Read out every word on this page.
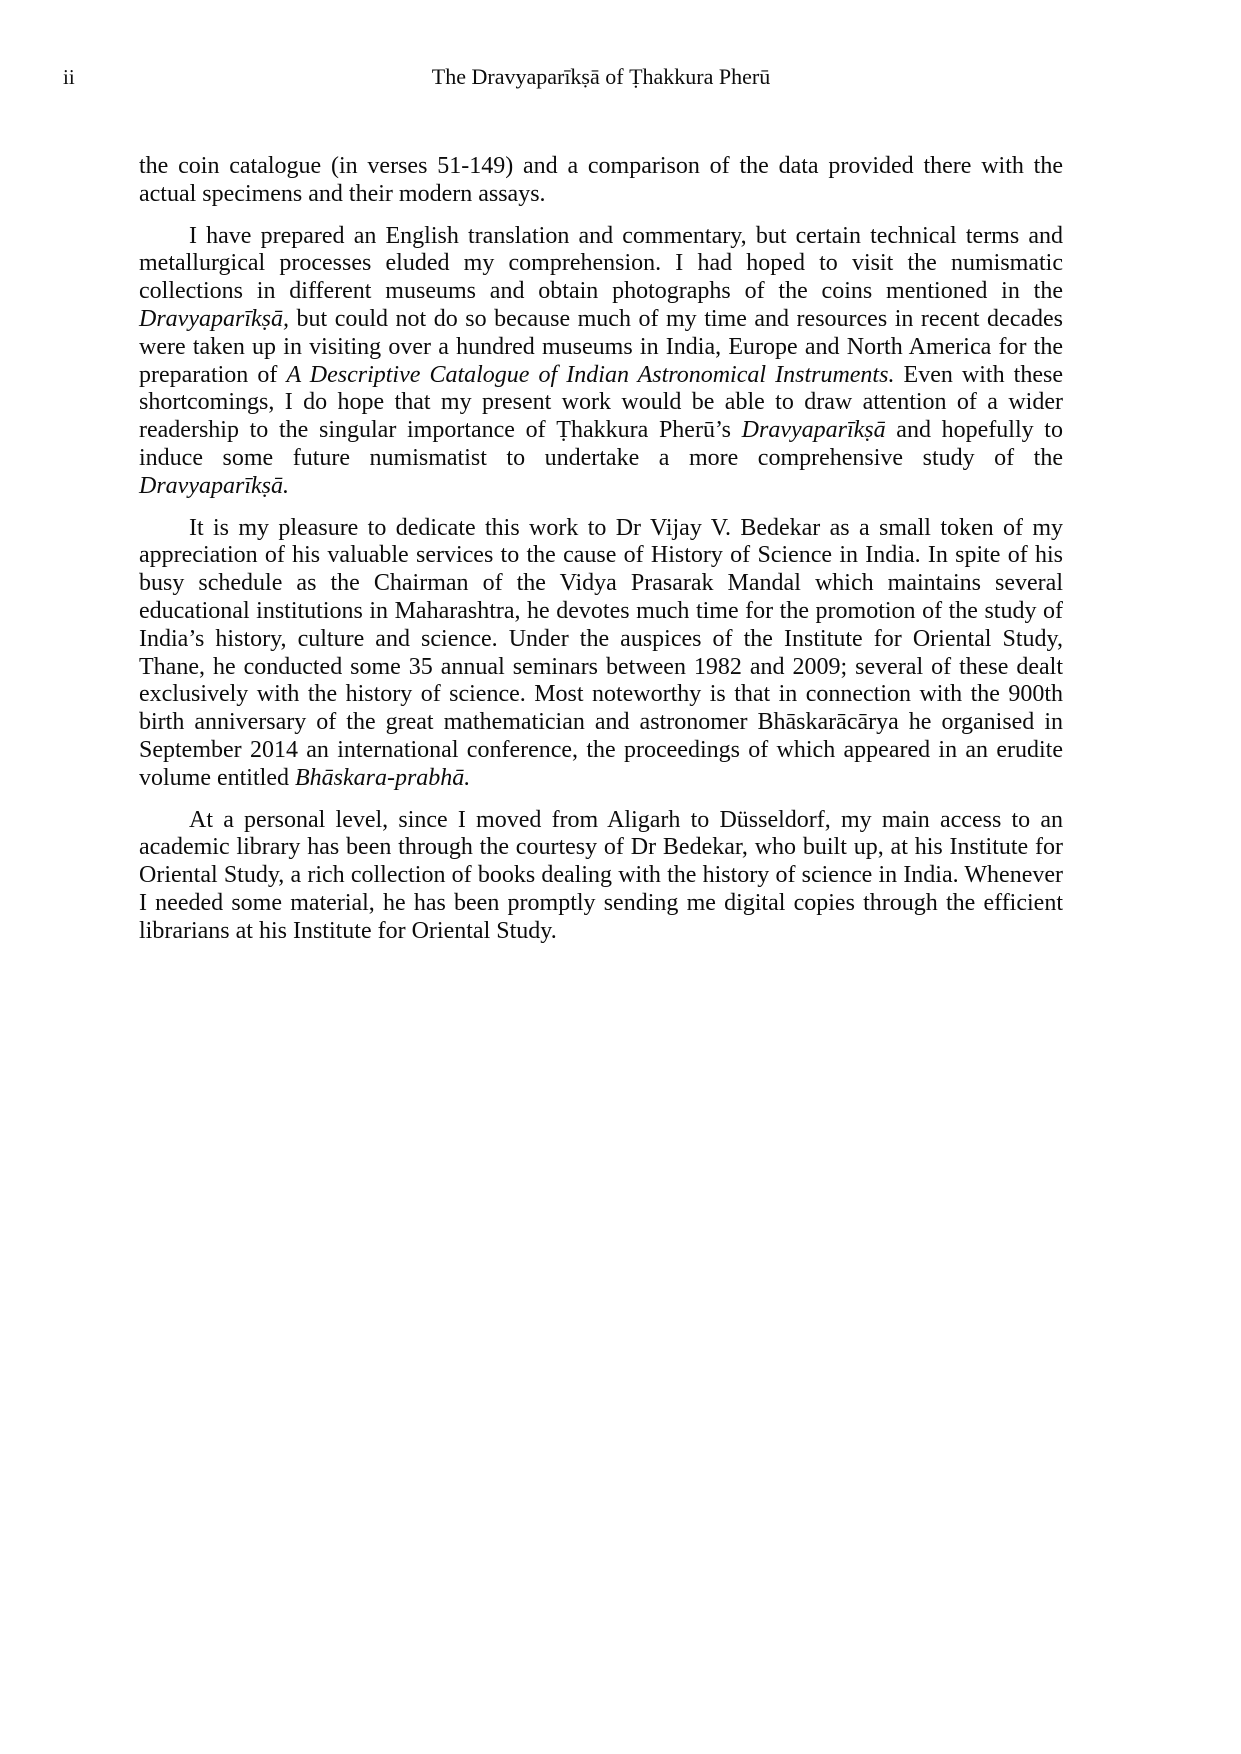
ii	The Dravyaparīkṣā of Ṭhakkura Pherū

the coin catalogue (in verses 51-149) and a comparison of the data provided there with the actual specimens and their modern assays.

I have prepared an English translation and commentary, but certain technical terms and metallurgical processes eluded my comprehension. I had hoped to visit the numismatic collections in different museums and obtain photographs of the coins mentioned in the Dravyaparīkṣā, but could not do so because much of my time and resources in recent decades were taken up in visiting over a hundred museums in India, Europe and North America for the preparation of A Descriptive Catalogue of Indian Astronomical Instruments. Even with these shortcomings, I do hope that my present work would be able to draw attention of a wider readership to the singular importance of Ṭhakkura Pherū’s Dravyaparīkṣā and hopefully to induce some future numismatist to undertake a more comprehensive study of the Dravyaparīkṣā.

It is my pleasure to dedicate this work to Dr Vijay V. Bedekar as a small token of my appreciation of his valuable services to the cause of History of Science in India. In spite of his busy schedule as the Chairman of the Vidya Prasarak Mandal which maintains several educational institutions in Maharashtra, he devotes much time for the promotion of the study of India’s history, culture and science. Under the auspices of the Institute for Oriental Study, Thane, he conducted some 35 annual seminars between 1982 and 2009; several of these dealt exclusively with the history of science. Most noteworthy is that in connection with the 900th birth anniversary of the great mathematician and astronomer Bhāskarācārya he organised in September 2014 an international conference, the proceedings of which appeared in an erudite volume entitled Bhāskara-prabhā.

At a personal level, since I moved from Aligarh to Düsseldorf, my main access to an academic library has been through the courtesy of Dr Bedekar, who built up, at his Institute for Oriental Study, a rich collection of books dealing with the history of science in India. Whenever I needed some material, he has been promptly sending me digital copies through the efficient librarians at his Institute for Oriental Study.
